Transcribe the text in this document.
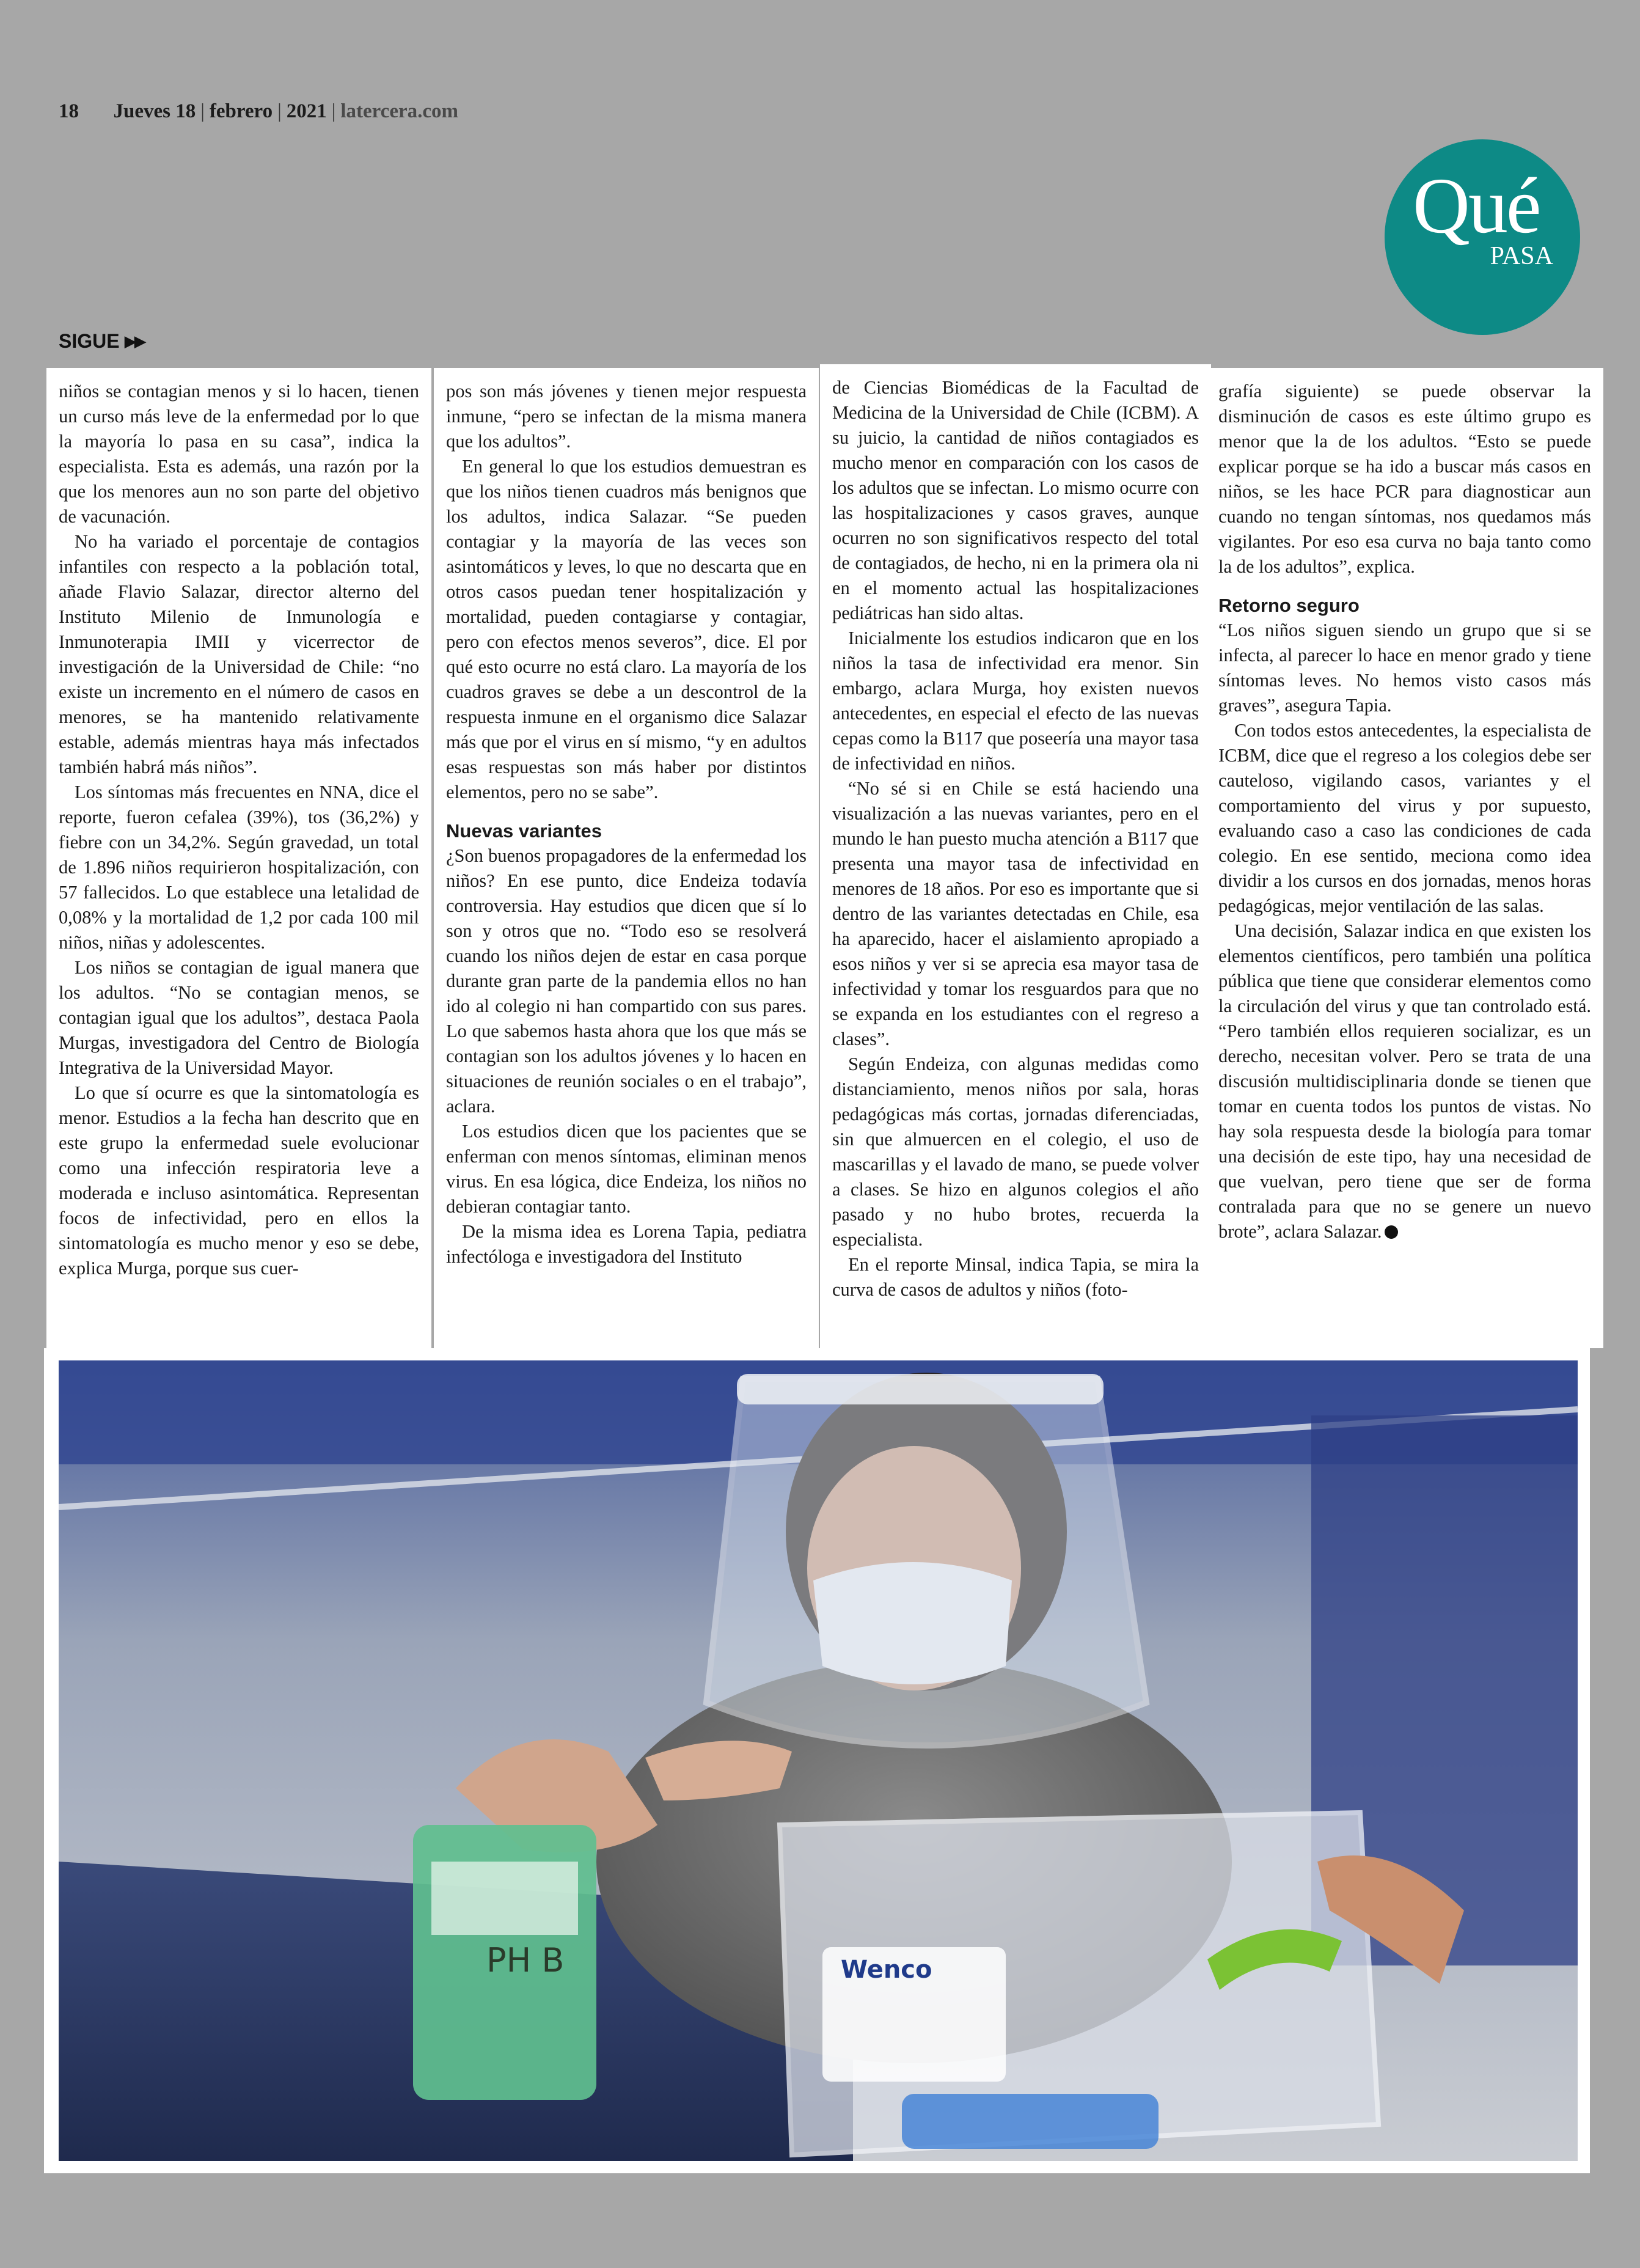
18 Jueves 18 | febrero | 2021 | latercera.com
Qué
PASA
SIGUE ▶▶

niños se contagian menos y si lo hacen, tienen un curso más leve de la enfermedad por lo que la mayoría lo pasa en su casa”, indica la especialista. Esta es además, una razón por la que los menores aun no son parte del objetivo de vacunación.

No ha variado el porcentaje de contagios infantiles con respecto a la población total, añade Flavio Salazar, director alterno del Instituto Milenio de Inmunología e Inmunoterapia IMII y vicerrector de investigación de la Universidad de Chile: “no existe un incremento en el número de casos en menores, se ha mantenido relativamente estable, además mientras haya más infectados también habrá más niños”.

Los síntomas más frecuentes en NNA, dice el reporte, fueron cefalea (39%), tos (36,2%) y fiebre con un 34,2%. Según gravedad, un total de 1.896 niños requirieron hospitalización, con 57 fallecidos. Lo que establece una letalidad de 0,08% y la mortalidad de 1,2 por cada 100 mil niños, niñas y adolescentes.

Los niños se contagian de igual manera que los adultos. “No se contagian menos, se contagian igual que los adultos”, destaca Paola Murgas, investigadora del Centro de Biología Integrativa de la Universidad Mayor.

Lo que sí ocurre es que la sintomatología es menor. Estudios a la fecha han descrito que en este grupo la enfermedad suele evolucionar como una infección respiratoria leve a moderada e incluso asintomática. Representan focos de infectividad, pero en ellos la sintomatología es mucho menor y eso se debe, explica Murga, porque sus cuer-

pos son más jóvenes y tienen mejor respuesta inmune, “pero se infectan de la misma manera que los adultos”.

En general lo que los estudios demuestran es que los niños tienen cuadros más benignos que los adultos, indica Salazar. “Se pueden contagiar y la mayoría de las veces son asintomáticos y leves, lo que no descarta que en otros casos puedan tener hospitalización y mortalidad, pueden contagiarse y contagiar, pero con efectos menos severos”, dice. El por qué esto ocurre no está claro. La mayoría de los cuadros graves se debe a un descontrol de la respuesta inmune en el organismo dice Salazar más que por el virus en sí mismo, “y en adultos esas respuestas son más haber por distintos elementos, pero no se sabe”.

Nuevas variantes

¿Son buenos propagadores de la enfermedad los niños? En ese punto, dice Endeiza todavía controversia. Hay estudios que dicen que sí lo son y otros que no. “Todo eso se resolverá cuando los niños dejen de estar en casa porque durante gran parte de la pandemia ellos no han ido al colegio ni han compartido con sus pares. Lo que sabemos hasta ahora que los que más se contagian son los adultos jóvenes y lo hacen en situaciones de reunión sociales o en el trabajo”, aclara.

Los estudios dicen que los pacientes que se enferman con menos síntomas, eliminan menos virus. En esa lógica, dice Endeiza, los niños no debieran contagiar tanto.

De la misma idea es Lorena Tapia, pediatra infectóloga e investigadora del Instituto

de Ciencias Biomédicas de la Facultad de Medicina de la Universidad de Chile (ICBM). A su juicio, la cantidad de niños contagiados es mucho menor en comparación con los casos de los adultos que se infectan. Lo mismo ocurre con las hospitalizaciones y casos graves, aunque ocurren no son significativos respecto del total de contagiados, de hecho, ni en la primera ola ni en el momento actual las hospitalizaciones pediátricas han sido altas.

Inicialmente los estudios indicaron que en los niños la tasa de infectividad era menor. Sin embargo, aclara Murga, hoy existen nuevos antecedentes, en especial el efecto de las nuevas cepas como la B117 que poseería una mayor tasa de infectividad en niños.

“No sé si en Chile se está haciendo una visualización a las nuevas variantes, pero en el mundo le han puesto mucha atención a B117 que presenta una mayor tasa de infectividad en menores de 18 años. Por eso es importante que si dentro de las variantes detectadas en Chile, esa ha aparecido, hacer el aislamiento apropiado a esos niños y ver si se aprecia esa mayor tasa de infectividad y tomar los resguardos para que no se expanda en los estudiantes con el regreso a clases”.

Según Endeiza, con algunas medidas como distanciamiento, menos niños por sala, horas pedagógicas más cortas, jornadas diferenciadas, sin que almuercen en el colegio, el uso de mascarillas y el lavado de mano, se puede volver a clases. Se hizo en algunos colegios el año pasado y no hubo brotes, recuerda la especialista.

En el reporte Minsal, indica Tapia, se mira la curva de casos de adultos y niños (foto-

grafía siguiente) se puede observar la disminución de casos es este último grupo es menor que la de los adultos. “Esto se puede explicar porque se ha ido a buscar más casos en niños, se les hace PCR para diagnosticar aun cuando no tengan síntomas, nos quedamos más vigilantes. Por eso esa curva no baja tanto como la de los adultos”, explica.

Retorno seguro

“Los niños siguen siendo un grupo que si se infecta, al parecer lo hace en menor grado y tiene síntomas leves. No hemos visto casos más graves”, asegura Tapia.

Con todos estos antecedentes, la especialista de ICBM, dice que el regreso a los colegios debe ser cauteloso, vigilando casos, variantes y el comportamiento del virus y por supuesto, evaluando caso a caso las condiciones de cada colegio. En ese sentido, meciona como idea dividir a los cursos en dos jornadas, menos horas pedagógicas, mejor ventilación de las salas.

Una decisión, Salazar indica en que existen los elementos científicos, pero también una política pública que tiene que considerar elementos como la circulación del virus y que tan controlado está. “Pero también ellos requieren socializar, es un derecho, necesitan volver. Pero se trata de una discusión multidisciplinaria donde se tienen que tomar en cuenta todos los puntos de vistas. No hay sola respuesta desde la biología para tomar una decisión de este tipo, hay una necesidad de que vuelvan, pero tiene que ser de forma contralada para que no se genere un nuevo brote”, aclara Salazar.

PH B	Wenco
